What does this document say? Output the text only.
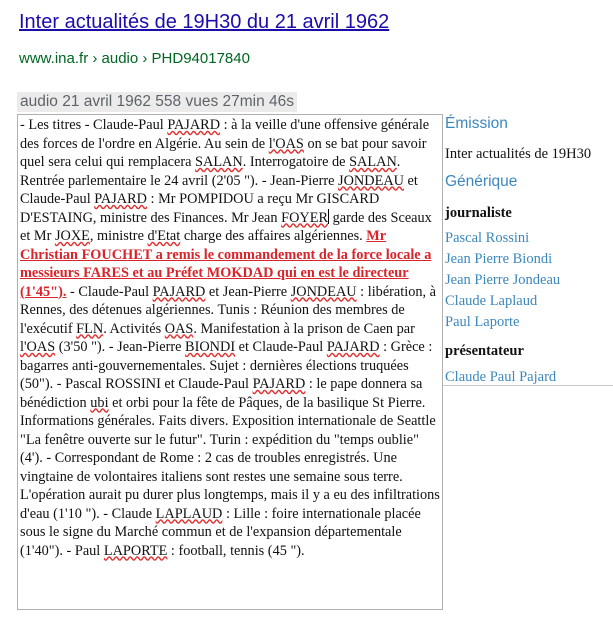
Inter actualités de 19H30 du 21 avril 1962
www.ina.fr › audio › PHD94017840
audio 21 avril 1962 558 vues 27min 46s
- Les titres - Claude-Paul PAJARD : à la veille d'une offensive générale des forces de l'ordre en Algérie. Au sein de l'OAS on se bat pour savoir quel sera celui qui remplacera SALAN. Interrogatoire de SALAN. Rentrée parlementaire le 24 avril (2'05 "). - Jean-Pierre JONDEAU et Claude-Paul PAJARD : Mr POMPIDOU a reçu Mr GISCARD D'ESTAING, ministre des Finances. Mr Jean FOYER garde des Sceaux et Mr JOXE, ministre d'Etat charge des affaires algériennes. Mr Christian FOUCHET a remis le commandement de la force locale a messieurs FARES et au Préfet MOKDAD qui en est le directeur (1'45"). - Claude-Paul PAJARD et Jean-Pierre JONDEAU : libération, à Rennes, des détenues algériennes. Tunis : Réunion des membres de l'exécutif FLN. Activités OAS. Manifestation à la prison de Caen par l'OAS (3'50 "). - Jean-Pierre BIONDI et Claude-Paul PAJARD : Grèce : bagarres anti-gouvernementales. Sujet : dernières élections truquées (50"). - Pascal ROSSINI et Claude-Paul PAJARD : le pape donnera sa bénédiction ubi et orbi pour la fête de Pâques, de la basilique St Pierre. Informations générales. Faits divers. Exposition internationale de Seattle "La fenêtre ouverte sur le futur". Turin : expédition du "temps oublie" (4'). - Correspondant de Rome : 2 cas de troubles enregistrés. Une vingtaine de volontaires italiens sont restes une semaine sous terre. L'opération aurait pu durer plus longtemps, mais il y a eu des infiltrations d'eau (1'10 "). - Claude LAPLAUD : Lille : foire internationale placée sous le signe du Marché commun et de l'expansion départementale (1'40"). - Paul LAPORTE : football, tennis (45 ").
Émission
Inter actualités de 19H30
Générique
journaliste
Pascal Rossini
Jean Pierre Biondi
Jean Pierre Jondeau
Claude Laplaud
Paul Laporte
présentateur
Claude Paul Pajard
